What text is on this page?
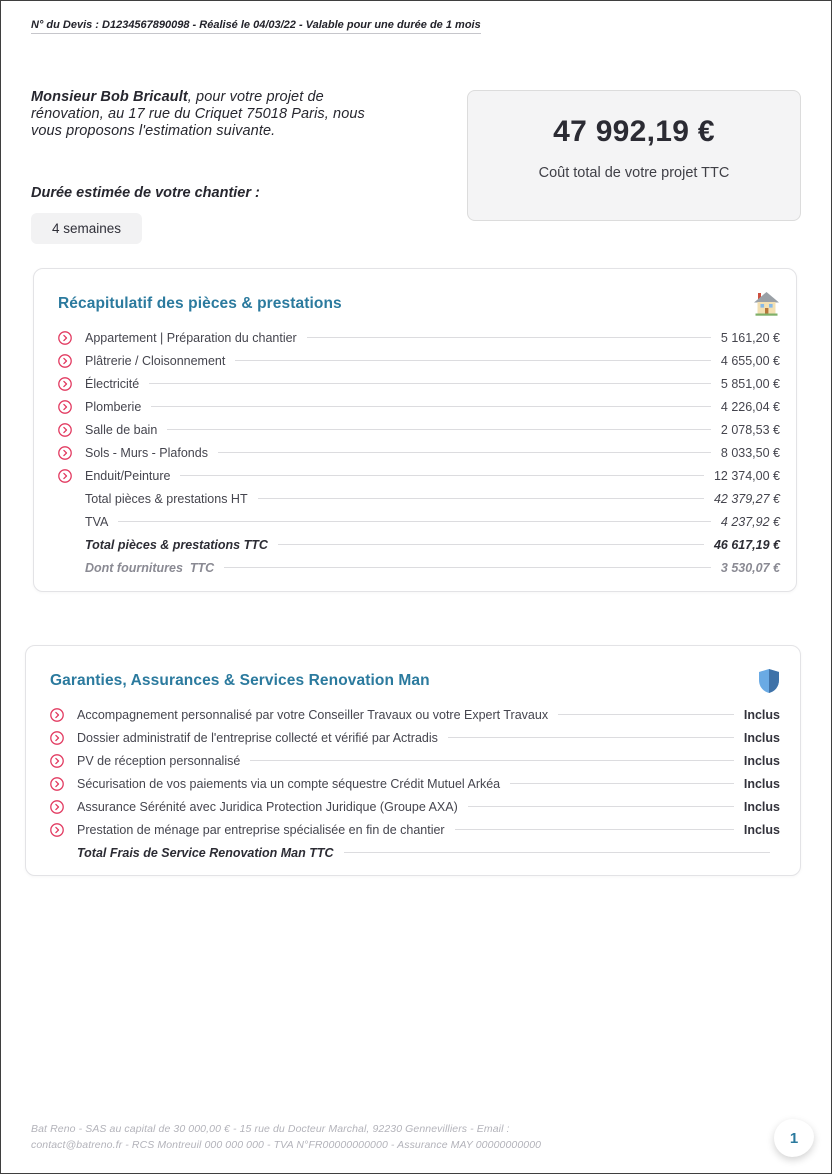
N° du Devis : D1234567890098 - Réalisé le 04/03/22 - Valable pour une durée de 1 mois
Monsieur Bob Bricault, pour votre projet de rénovation, au 17 rue du Criquet 75018 Paris, nous vous proposons l'estimation suivante.
Durée estimée de votre chantier :
4 semaines
47 992,19 €
Coût total de votre projet TTC
Récapitulatif des pièces & prestations
Appartement | Préparation du chantier	5 161,20 €
Plâtrerie / Cloisonnement	4 655,00 €
Électricité	5 851,00 €
Plomberie	4 226,04 €
Salle de bain	2 078,53 €
Sols - Murs - Plafonds	8 033,50 €
Enduit/Peinture	12 374,00 €
Total pièces & prestations HT	42 379,27 €
TVA	4 237,92 €
Total pièces & prestations TTC	46 617,19 €
Dont fournitures  TTC	3 530,07 €
Garanties, Assurances & Services Renovation Man
Accompagnement personnalisé par votre Conseiller Travaux ou votre Expert Travaux	Inclus
Dossier administratif de l'entreprise collecté et vérifié par Actradis	Inclus
PV de réception personnalisé	Inclus
Sécurisation de vos paiements via un compte séquestre Crédit Mutuel Arkéa	Inclus
Assurance Sérénité avec Juridica Protection Juridique (Groupe AXA)	Inclus
Prestation de ménage par entreprise spécialisée en fin de chantier	Inclus
Total Frais de Service Renovation Man TTC
Bat Reno - SAS au capital de 30 000,00 € - 15 rue du Docteur Marchal, 92230 Gennevilliers - Email : contact@batreno.fr - RCS Montreuil 000 000 000 - TVA N°FR00000000000 - Assurance MAY 00000000000	1
